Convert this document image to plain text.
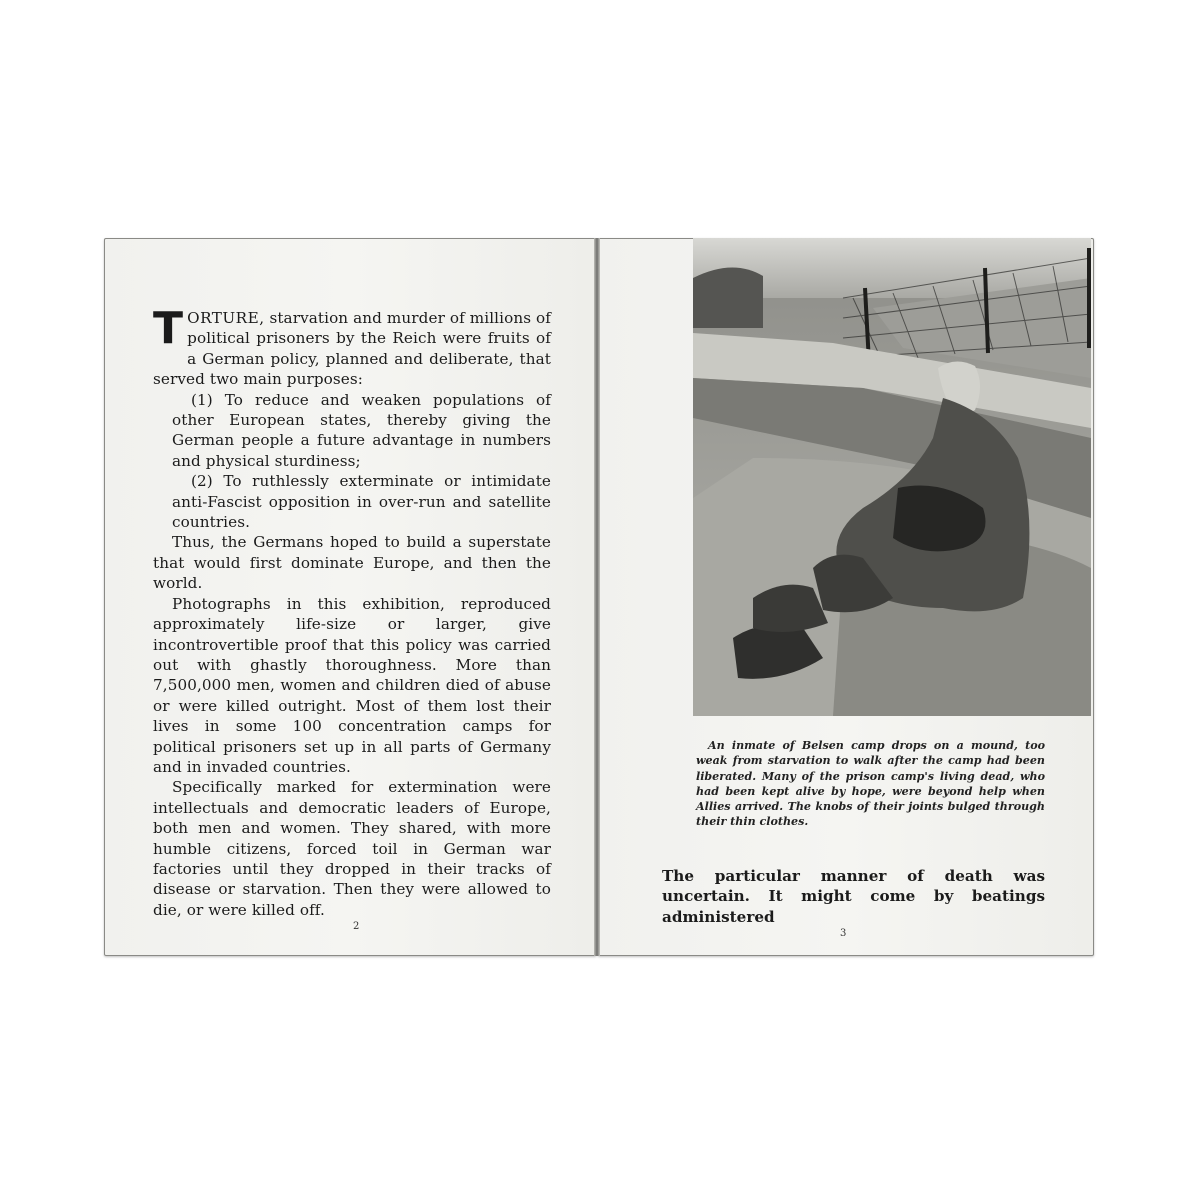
TORTURE, starvation and murder of millions of political prisoners by the Reich were fruits of a German policy, planned and deliberate, that served two main purposes:

(1) To reduce and weaken populations of other European states, thereby giving the German people a future advantage in numbers and physical sturdiness;

(2) To ruthlessly exterminate or intimidate anti-Fascist opposition in over-run and satellite countries.

Thus, the Germans hoped to build a superstate that would first dominate Europe, and then the world.

Photographs in this exhibition, reproduced approximately life-size or larger, give incontrovertible proof that this policy was carried out with ghastly thoroughness. More than 7,500,000 men, women and children died of abuse or were killed outright. Most of them lost their lives in some 100 concentration camps for political prisoners set up in all parts of Germany and in invaded countries.

Specifically marked for extermination were intellectuals and democratic leaders of Europe, both men and women. They shared, with more humble citizens, forced toil in German war factories until they dropped in their tracks of disease or starvation. Then they were allowed to die, or were killed off.

2

An inmate of Belsen camp drops on a mound, too weak from starvation to walk after the camp had been liberated. Many of the prison camp's living dead, who had been kept alive by hope, were beyond help when Allies arrived. The knobs of their joints bulged through their thin clothes.

The particular manner of death was uncertain. It might come by beatings administered

3
